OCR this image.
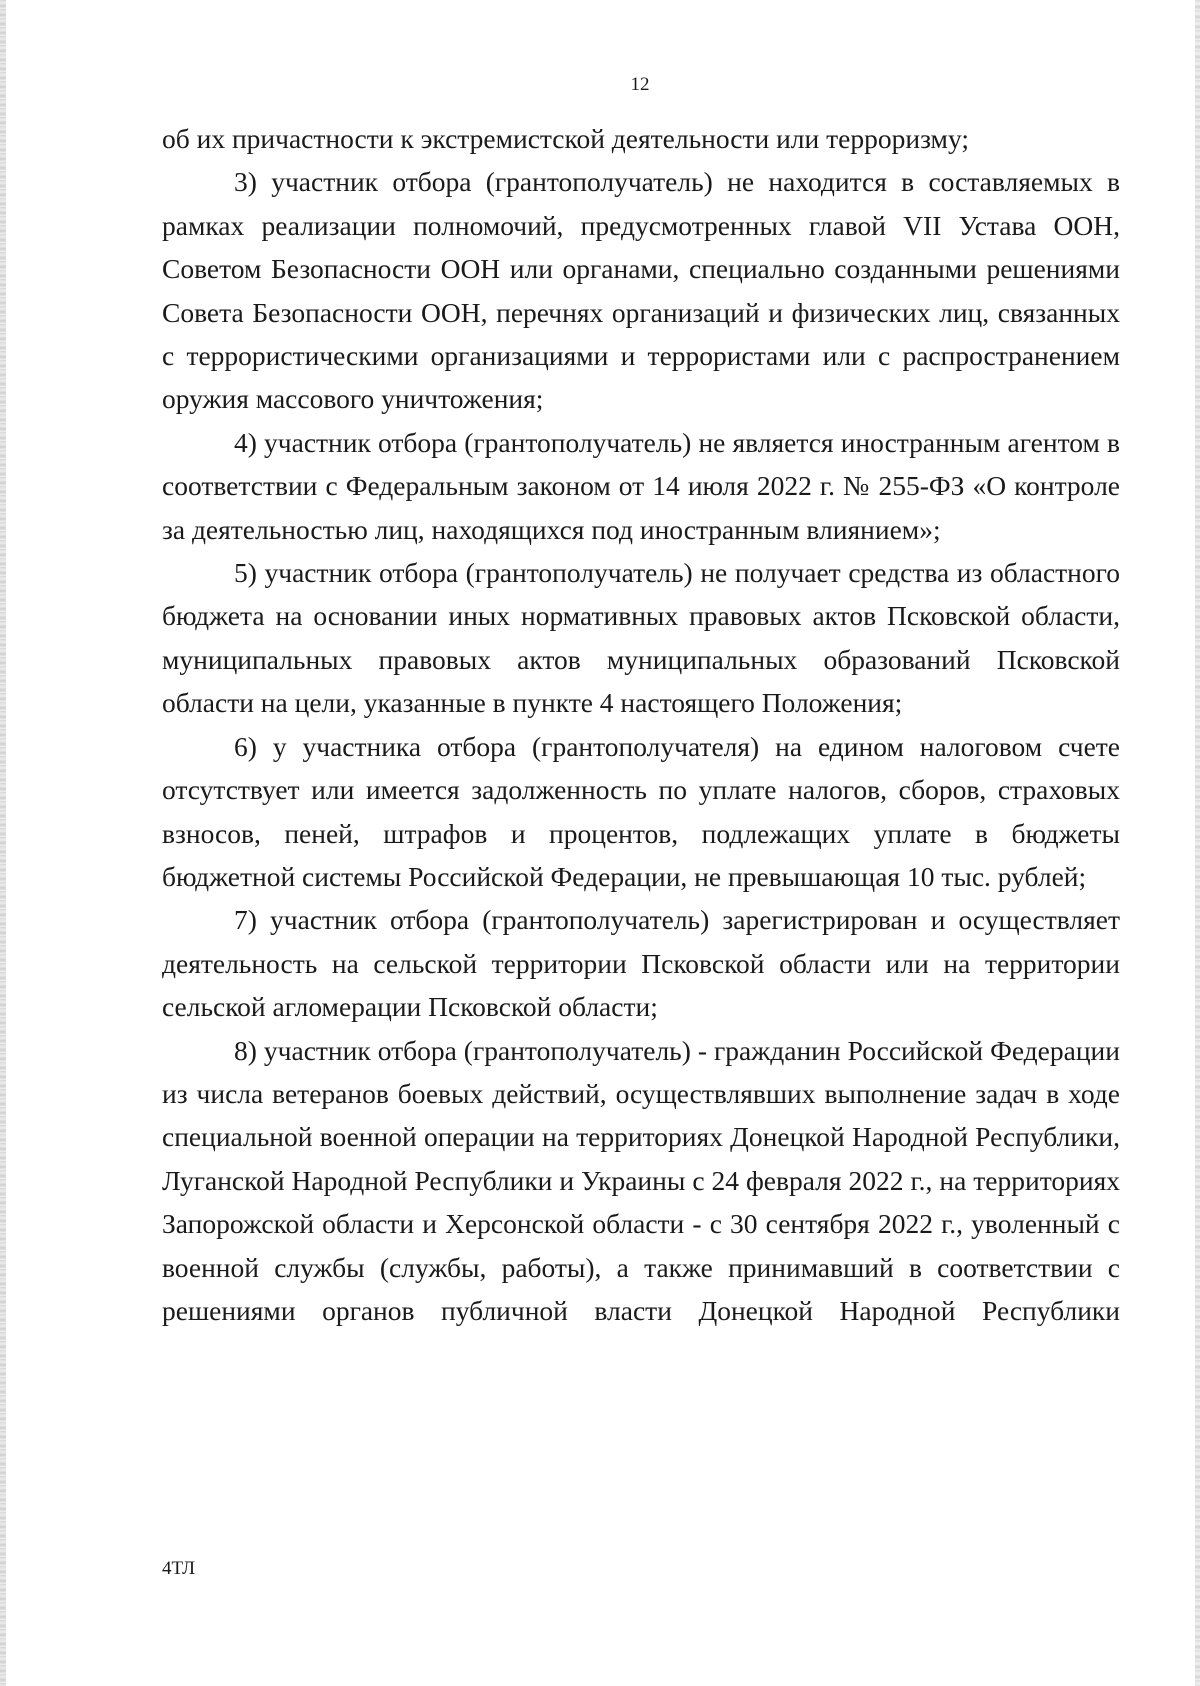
12

об их причастности к экстремистской деятельности или терроризму;

3) участник отбора (грантополучатель) не находится в составляемых в рамках реализации полномочий, предусмотренных главой VII Устава ООН, Советом Безопасности ООН или органами, специально созданными решениями Совета Безопасности ООН, перечнях организаций и физических лиц, связанных с террористическими организациями и террористами или с распространением оружия массового уничтожения;

4) участник отбора (грантополучатель) не является иностранным агентом в соответствии с Федеральным законом от 14 июля 2022 г. № 255-ФЗ «О контроле за деятельностью лиц, находящихся под иностранным влиянием»;

5) участник отбора (грантополучатель) не получает средства из областного бюджета на основании иных нормативных правовых актов Псковской области, муниципальных правовых актов муниципальных образований Псковской области на цели, указанные в пункте 4 настоящего Положения;

6) у участника отбора (грантополучателя) на едином налоговом счете отсутствует или имеется задолженность по уплате налогов, сборов, страховых взносов, пеней, штрафов и процентов, подлежащих уплате в бюджеты бюджетной системы Российской Федерации, не превышающая 10 тыс. рублей;

7) участник отбора (грантополучатель) зарегистрирован и осуществляет деятельность на сельской территории Псковской области или на территории сельской агломерации Псковской области;

8) участник отбора (грантополучатель) - гражданин Российской Федерации из числа ветеранов боевых действий, осуществлявших выполнение задач в ходе специальной военной операции на территориях Донецкой Народной Республики, Луганской Народной Республики и Украины с 24 февраля 2022 г., на территориях Запорожской области и Херсонской области - с 30 сентября 2022 г., уволенный с военной службы (службы, работы), а также принимавший в соответствии с решениями органов публичной власти Донецкой Народной Республики

4ТЛ
